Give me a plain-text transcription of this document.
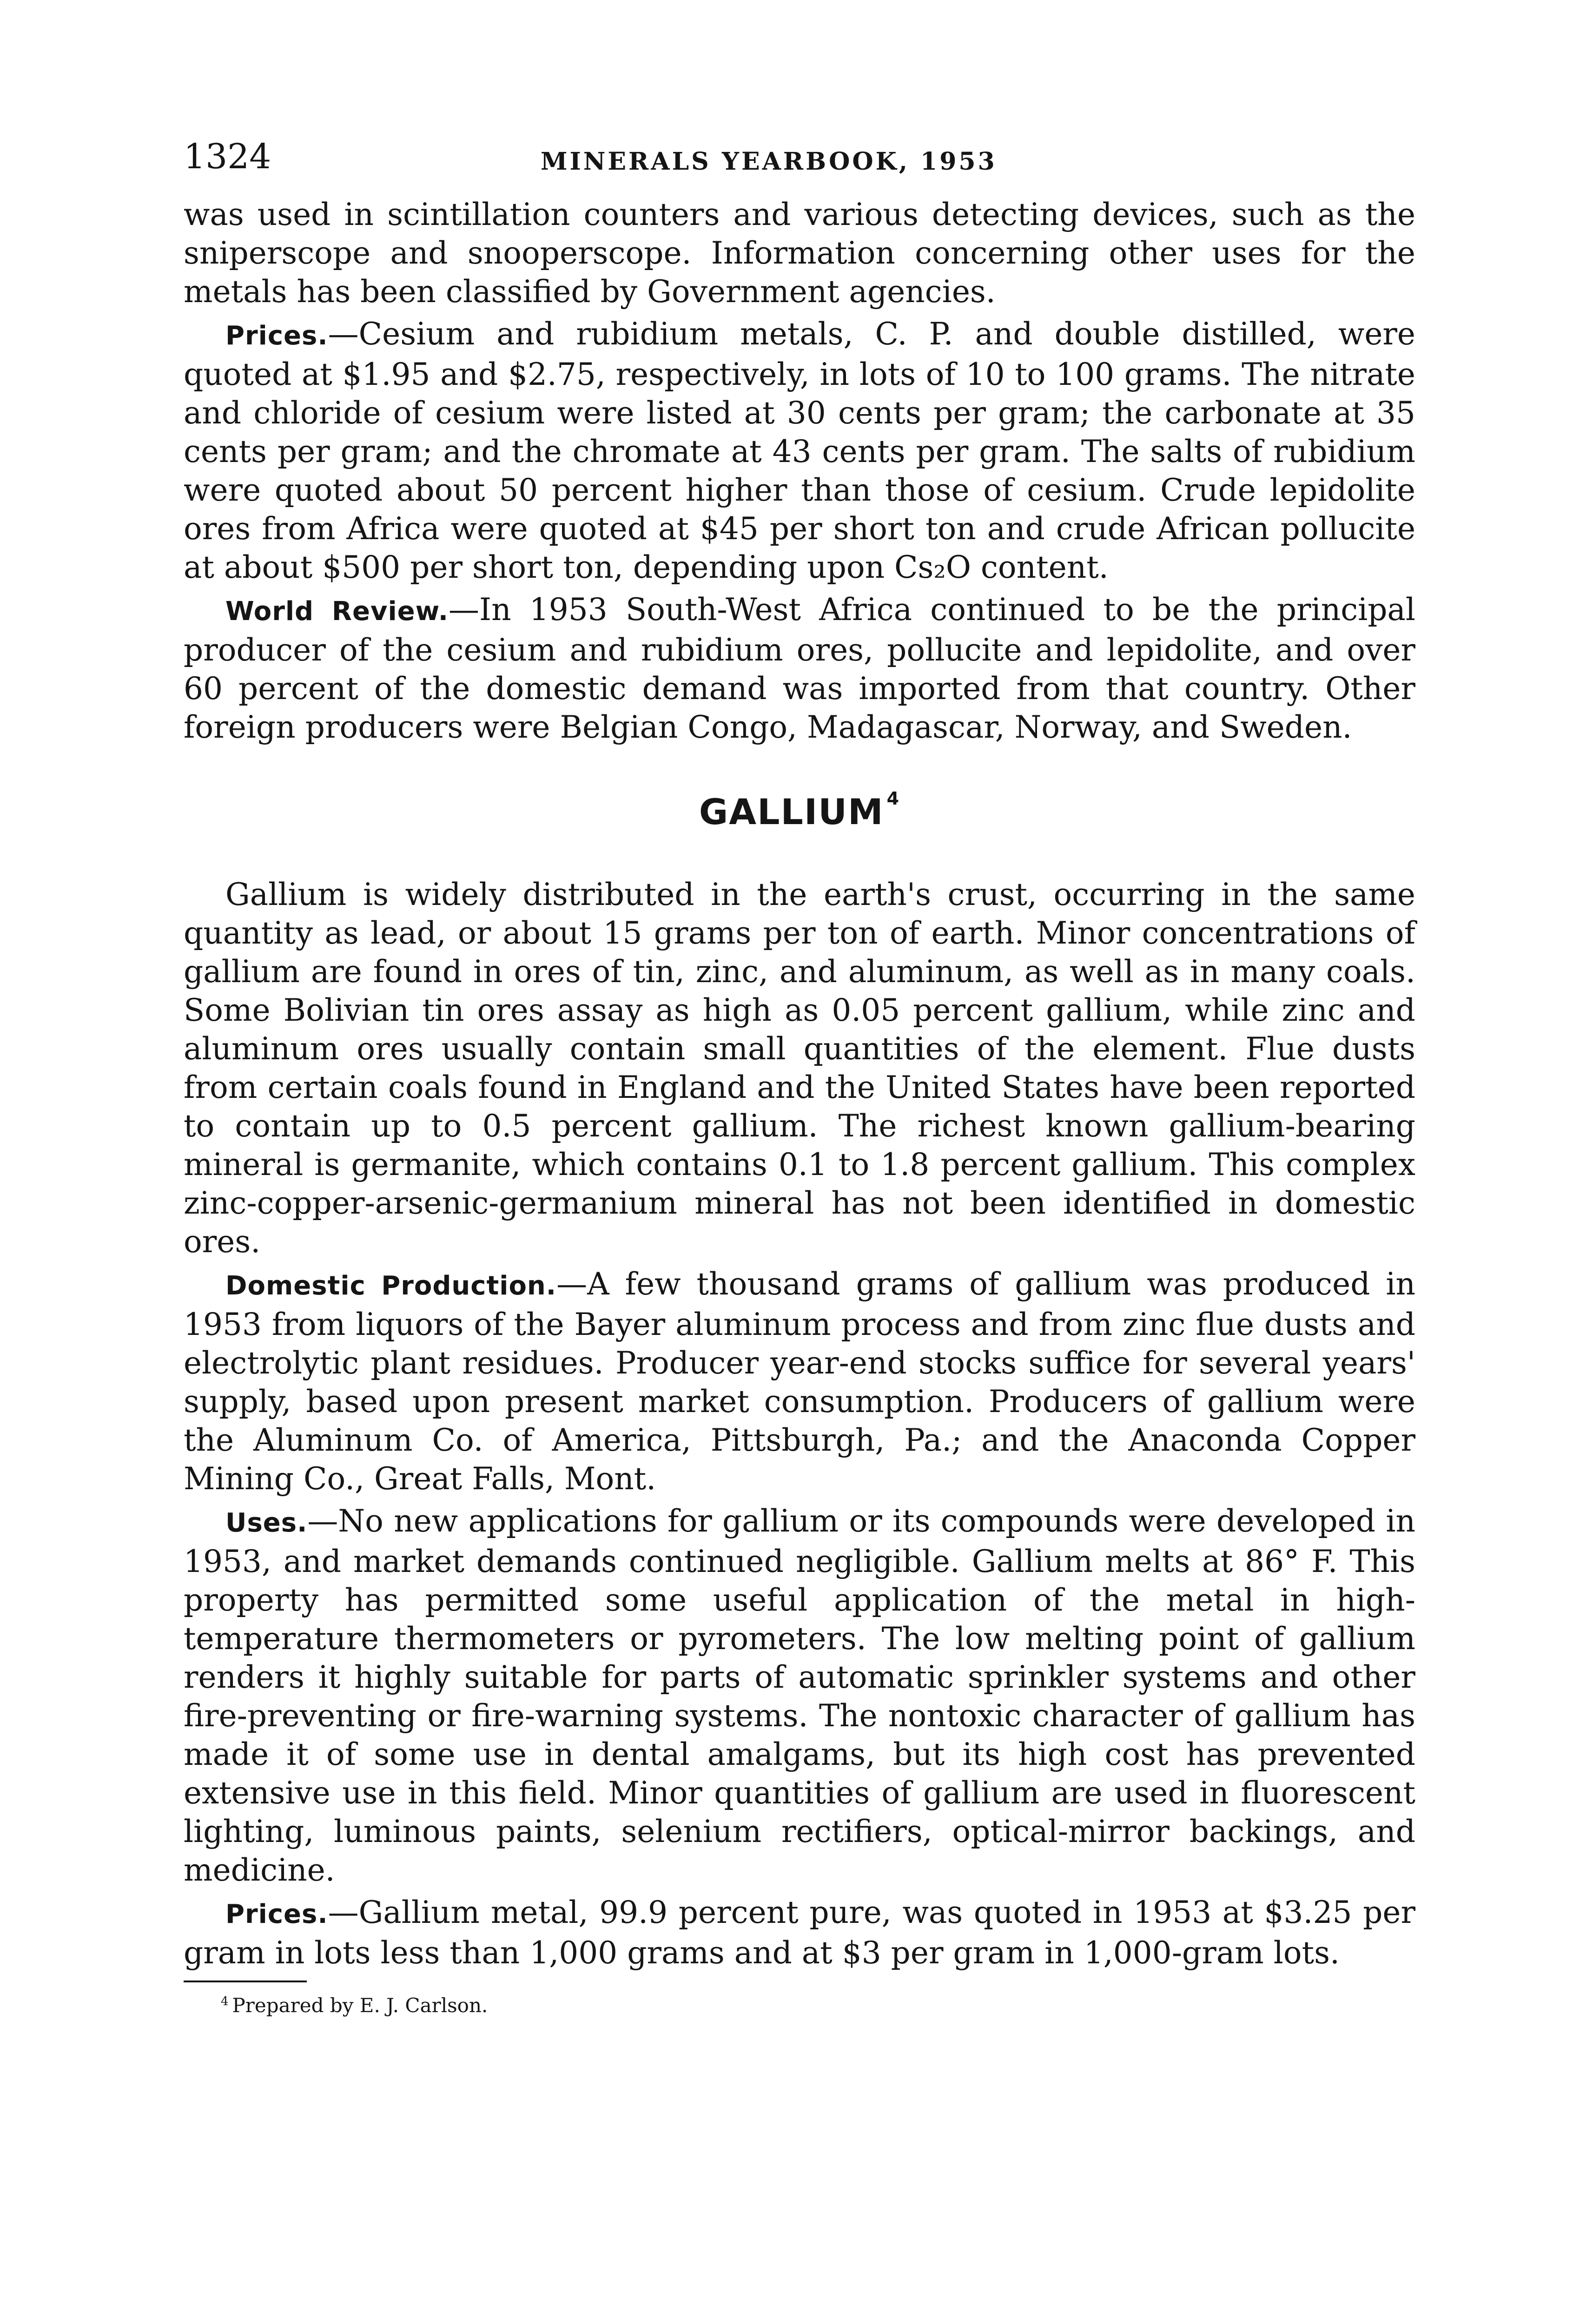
1324	MINERALS YEARBOOK, 1953

was used in scintillation counters and various detecting devices, such as the sniperscope and snooperscope. Information concerning other uses for the metals has been classified by Government agencies.

Prices.—Cesium and rubidium metals, C. P. and double distilled, were quoted at $1.95 and $2.75, respectively, in lots of 10 to 100 grams. The nitrate and chloride of cesium were listed at 30 cents per gram; the carbonate at 35 cents per gram; and the chromate at 43 cents per gram. The salts of rubidium were quoted about 50 percent higher than those of cesium. Crude lepidolite ores from Africa were quoted at $45 per short ton and crude African pollucite at about $500 per short ton, depending upon Cs₂O content.

World Review.—In 1953 South-West Africa continued to be the principal producer of the cesium and rubidium ores, pollucite and lepidolite, and over 60 percent of the domestic demand was imported from that country. Other foreign producers were Belgian Congo, Madagascar, Norway, and Sweden.

GALLIUM $^4$

Gallium is widely distributed in the earth's crust, occurring in the same quantity as lead, or about 15 grams per ton of earth. Minor concentrations of gallium are found in ores of tin, zinc, and aluminum, as well as in many coals. Some Bolivian tin ores assay as high as 0.05 percent gallium, while zinc and aluminum ores usually contain small quantities of the element. Flue dusts from certain coals found in England and the United States have been reported to contain up to 0.5 percent gallium. The richest known gallium-bearing mineral is germanite, which contains 0.1 to 1.8 percent gallium. This complex zinc-copper-arsenic-germanium mineral has not been identified in domestic ores.

Domestic Production.—A few thousand grams of gallium was produced in 1953 from liquors of the Bayer aluminum process and from zinc flue dusts and electrolytic plant residues. Producer year-end stocks suffice for several years' supply, based upon present market consumption. Producers of gallium were the Aluminum Co. of America, Pittsburgh, Pa.; and the Anaconda Copper Mining Co., Great Falls, Mont.

Uses.—No new applications for gallium or its compounds were developed in 1953, and market demands continued negligible. Gallium melts at 86° F. This property has permitted some useful application of the metal in high-temperature thermometers or pyrometers. The low melting point of gallium renders it highly suitable for parts of automatic sprinkler systems and other fire-preventing or fire-warning systems. The nontoxic character of gallium has made it of some use in dental amalgams, but its high cost has prevented extensive use in this field. Minor quantities of gallium are used in fluorescent lighting, luminous paints, selenium rectifiers, optical-mirror backings, and medicine.

Prices.—Gallium metal, 99.9 percent pure, was quoted in 1953 at $3.25 per gram in lots less than 1,000 grams and at $3 per gram in 1,000-gram lots.

$^4$ Prepared by E. J. Carlson.
